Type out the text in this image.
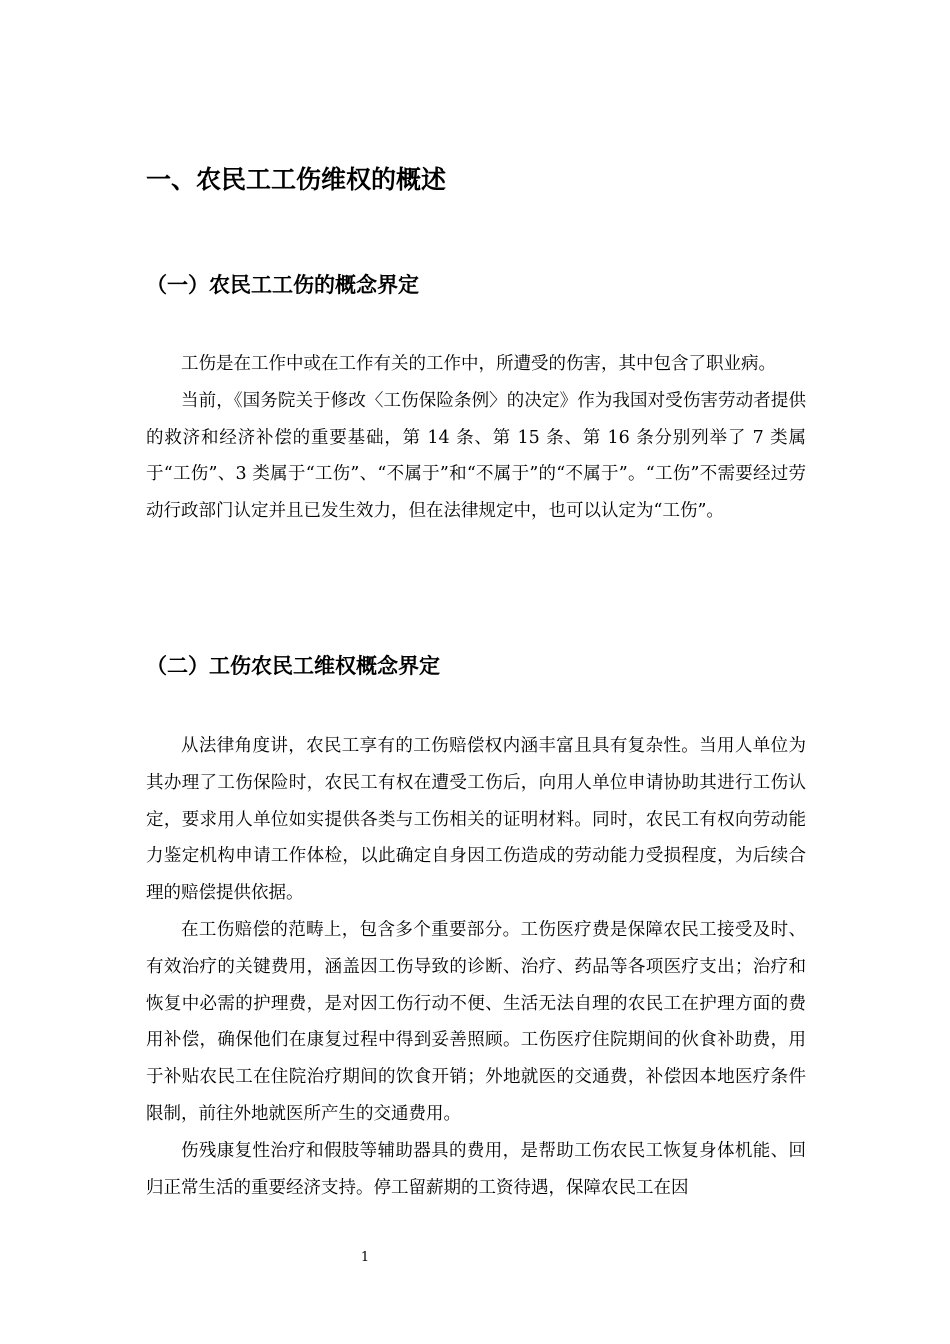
一、农民工工伤维权的概述
（一）农民工工伤的概念界定

工伤是在工作中或在工作有关的工作中，所遭受的伤害，其中包含了职业病。

当前，《国务院关于修改〈工伤保险条例〉的决定》作为我国对受伤害劳动者提供的救济和经济补偿的重要基础，第 14 条、第 15 条、第 16 条分别列举了 7 类属于“工伤”、3 类属于“工伤”、“不属于”和“不属于”的“不属于”。“工伤”不需要经过劳动行政部门认定并且已发生效力，但在法律规定中，也可以认定为“工伤”。

（二）工伤农民工维权概念界定

从法律角度讲，农民工享有的工伤赔偿权内涵丰富且具有复杂性。当用人单位为其办理了工伤保险时，农民工有权在遭受工伤后，向用人单位申请协助其进行工伤认定，要求用人单位如实提供各类与工伤相关的证明材料。同时，农民工有权向劳动能力鉴定机构申请工作体检，以此确定自身因工伤造成的劳动能力受损程度，为后续合理的赔偿提供依据。

在工伤赔偿的范畴上，包含多个重要部分。工伤医疗费是保障农民工接受及时、有效治疗的关键费用，涵盖因工伤导致的诊断、治疗、药品等各项医疗支出；治疗和恢复中必需的护理费，是对因工伤行动不便、生活无法自理的农民工在护理方面的费用补偿，确保他们在康复过程中得到妥善照顾。工伤医疗住院期间的伙食补助费，用于补贴农民工在住院治疗期间的饮食开销；外地就医的交通费，补偿因本地医疗条件限制，前往外地就医所产生的交通费用。

伤残康复性治疗和假肢等辅助器具的费用，是帮助工伤农民工恢复身体机能、回归正常生活的重要经济支持。停工留薪期的工资待遇，保障农民工在因

1
